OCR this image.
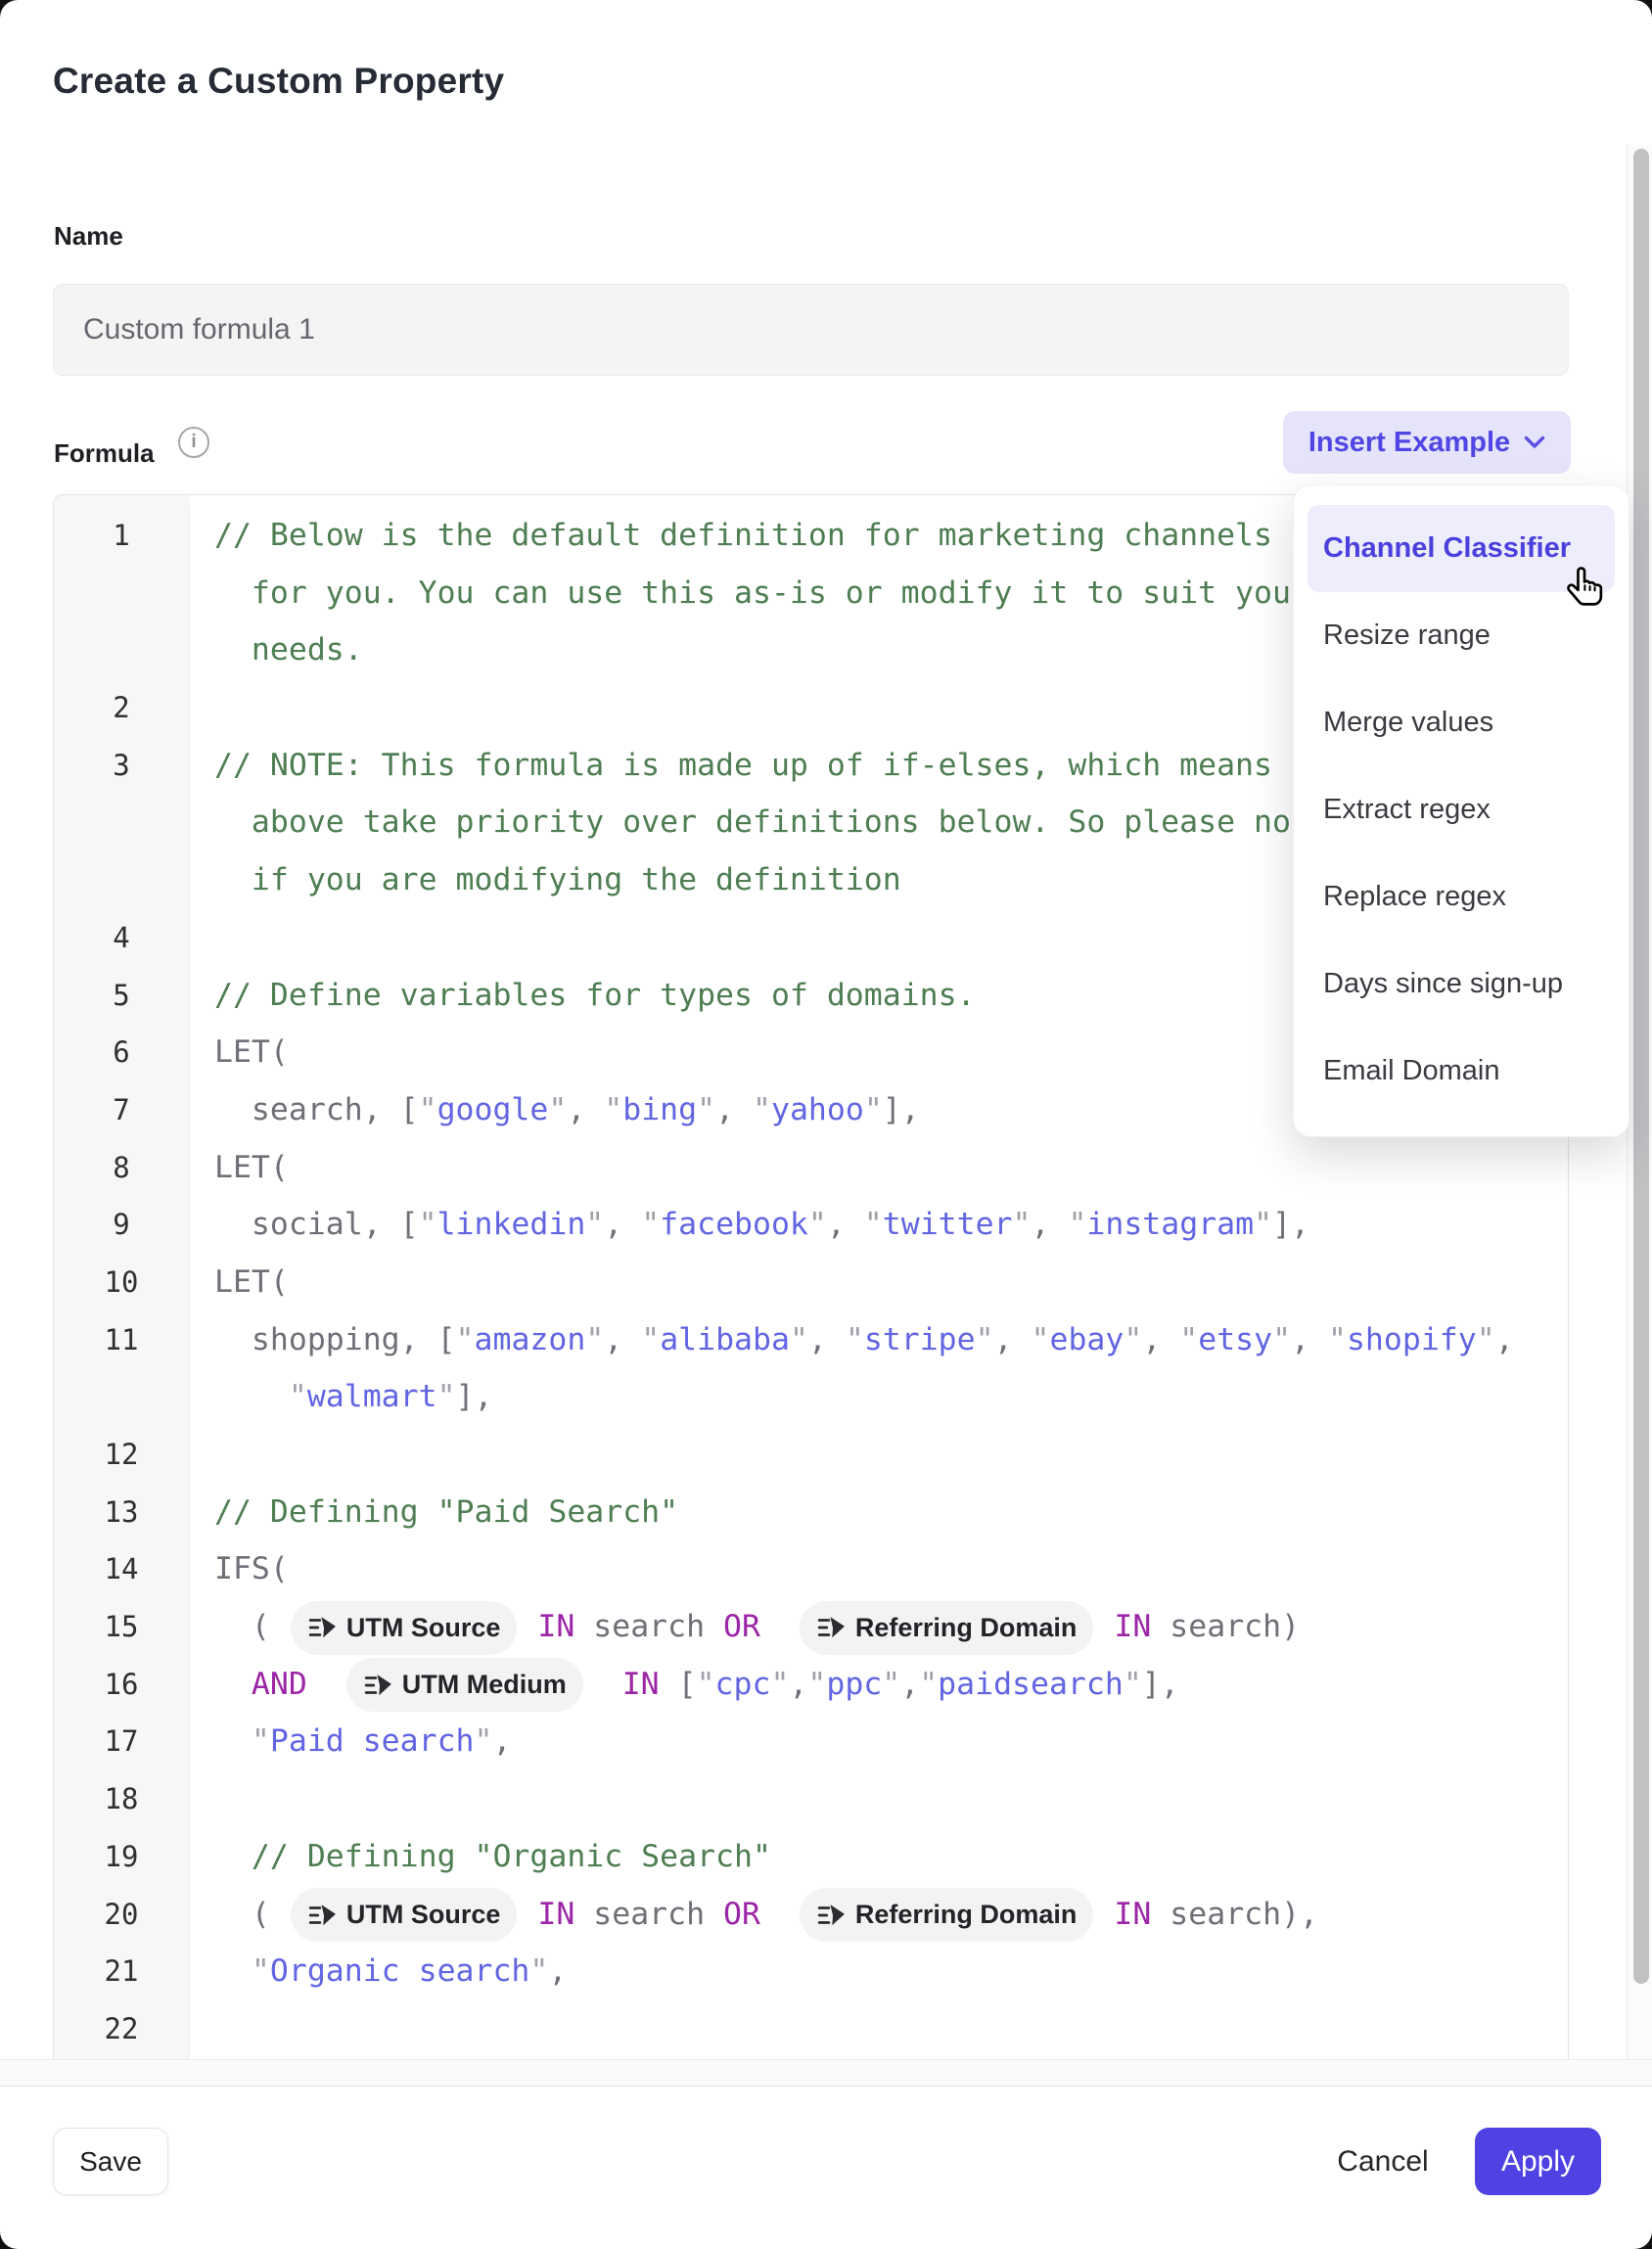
Create a Custom Property
Name
Custom formula 1
Formula i	Insert Example
1	// Below is the default definition for marketing channels
for you. You can use this as-is or modify it to suit you
needs.
2
3	// NOTE: This formula is made up of if-elses, which means
above take priority over definitions below. So please no
if you are modifying the definition
4
5	// Define variables for types of domains.
6	LET(
7	search, ["google", "bing", "yahoo"],
8	LET(
9	social, ["linkedin", "facebook", "twitter", "instagram"],
10	LET(
11	shopping, ["amazon", "alibaba", "stripe", "ebay", "etsy", "shopify",
"walmart"],
12
13	// Defining "Paid Search"
14	IFS(
15	( UTM Source IN search OR	Referring Domain IN search)
16	AND	UTM Medium IN ["cpc","ppc","paidsearch"],
17	"Paid search",
18
19	// Defining "Organic Search"
20	( UTM Source IN search OR	Referring Domain IN search),
21	"Organic search",
22
Channel Classifier
Resize range
Merge values
Extract regex
Replace regex
Days since sign-up
Email Domain
Save	Cancel	Apply
